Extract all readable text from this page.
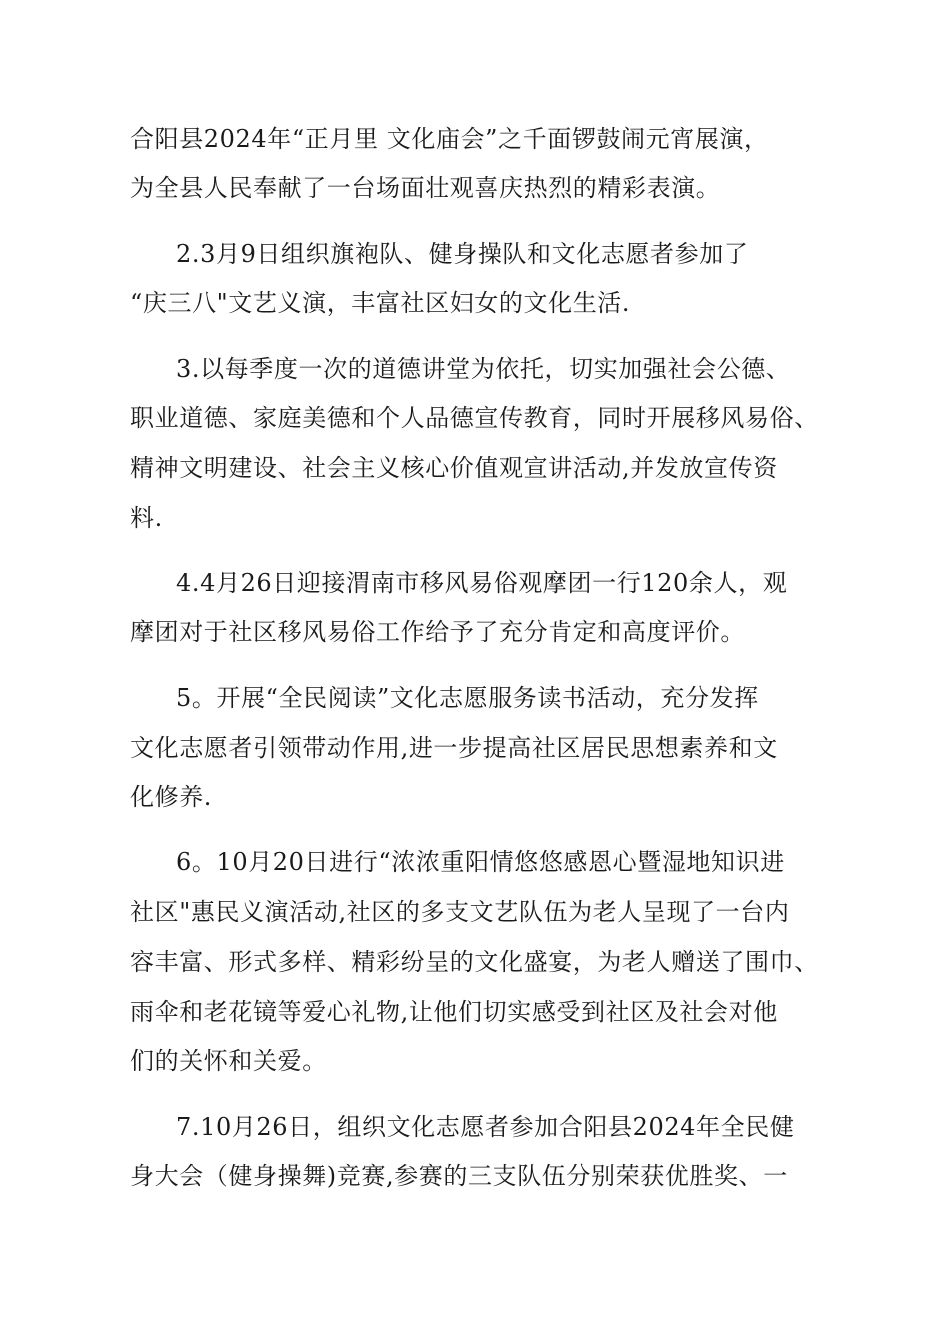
合阳县2024年“正月里 文化庙会”之千面锣鼓闹元宵展演，
为全县人民奉献了一台场面壮观喜庆热烈的精彩表演。
2.3月9日组织旗袍队、健身操队和文化志愿者参加了
“庆三八"文艺义演，丰富社区妇女的文化生活.
3.以每季度一次的道德讲堂为依托，切实加强社会公德、
职业道德、家庭美德和个人品德宣传教育，同时开展移风易俗、
精神文明建设、社会主义核心价值观宣讲活动,并发放宣传资
料.
4.4月26日迎接渭南市移风易俗观摩团一行120余人，观
摩团对于社区移风易俗工作给予了充分肯定和高度评价。
5。开展“全民阅读”文化志愿服务读书活动，充分发挥
文化志愿者引领带动作用,进一步提高社区居民思想素养和文
化修养.
6。10月20日进行“浓浓重阳情悠悠感恩心暨湿地知识进
社区"惠民义演活动,社区的多支文艺队伍为老人呈现了一台内
容丰富、形式多样、精彩纷呈的文化盛宴，为老人赠送了围巾、
雨伞和老花镜等爱心礼物,让他们切实感受到社区及社会对他
们的关怀和关爱。
7.10月26日，组织文化志愿者参加合阳县2024年全民健
身大会（健身操舞)竞赛,参赛的三支队伍分别荣获优胜奖、一
